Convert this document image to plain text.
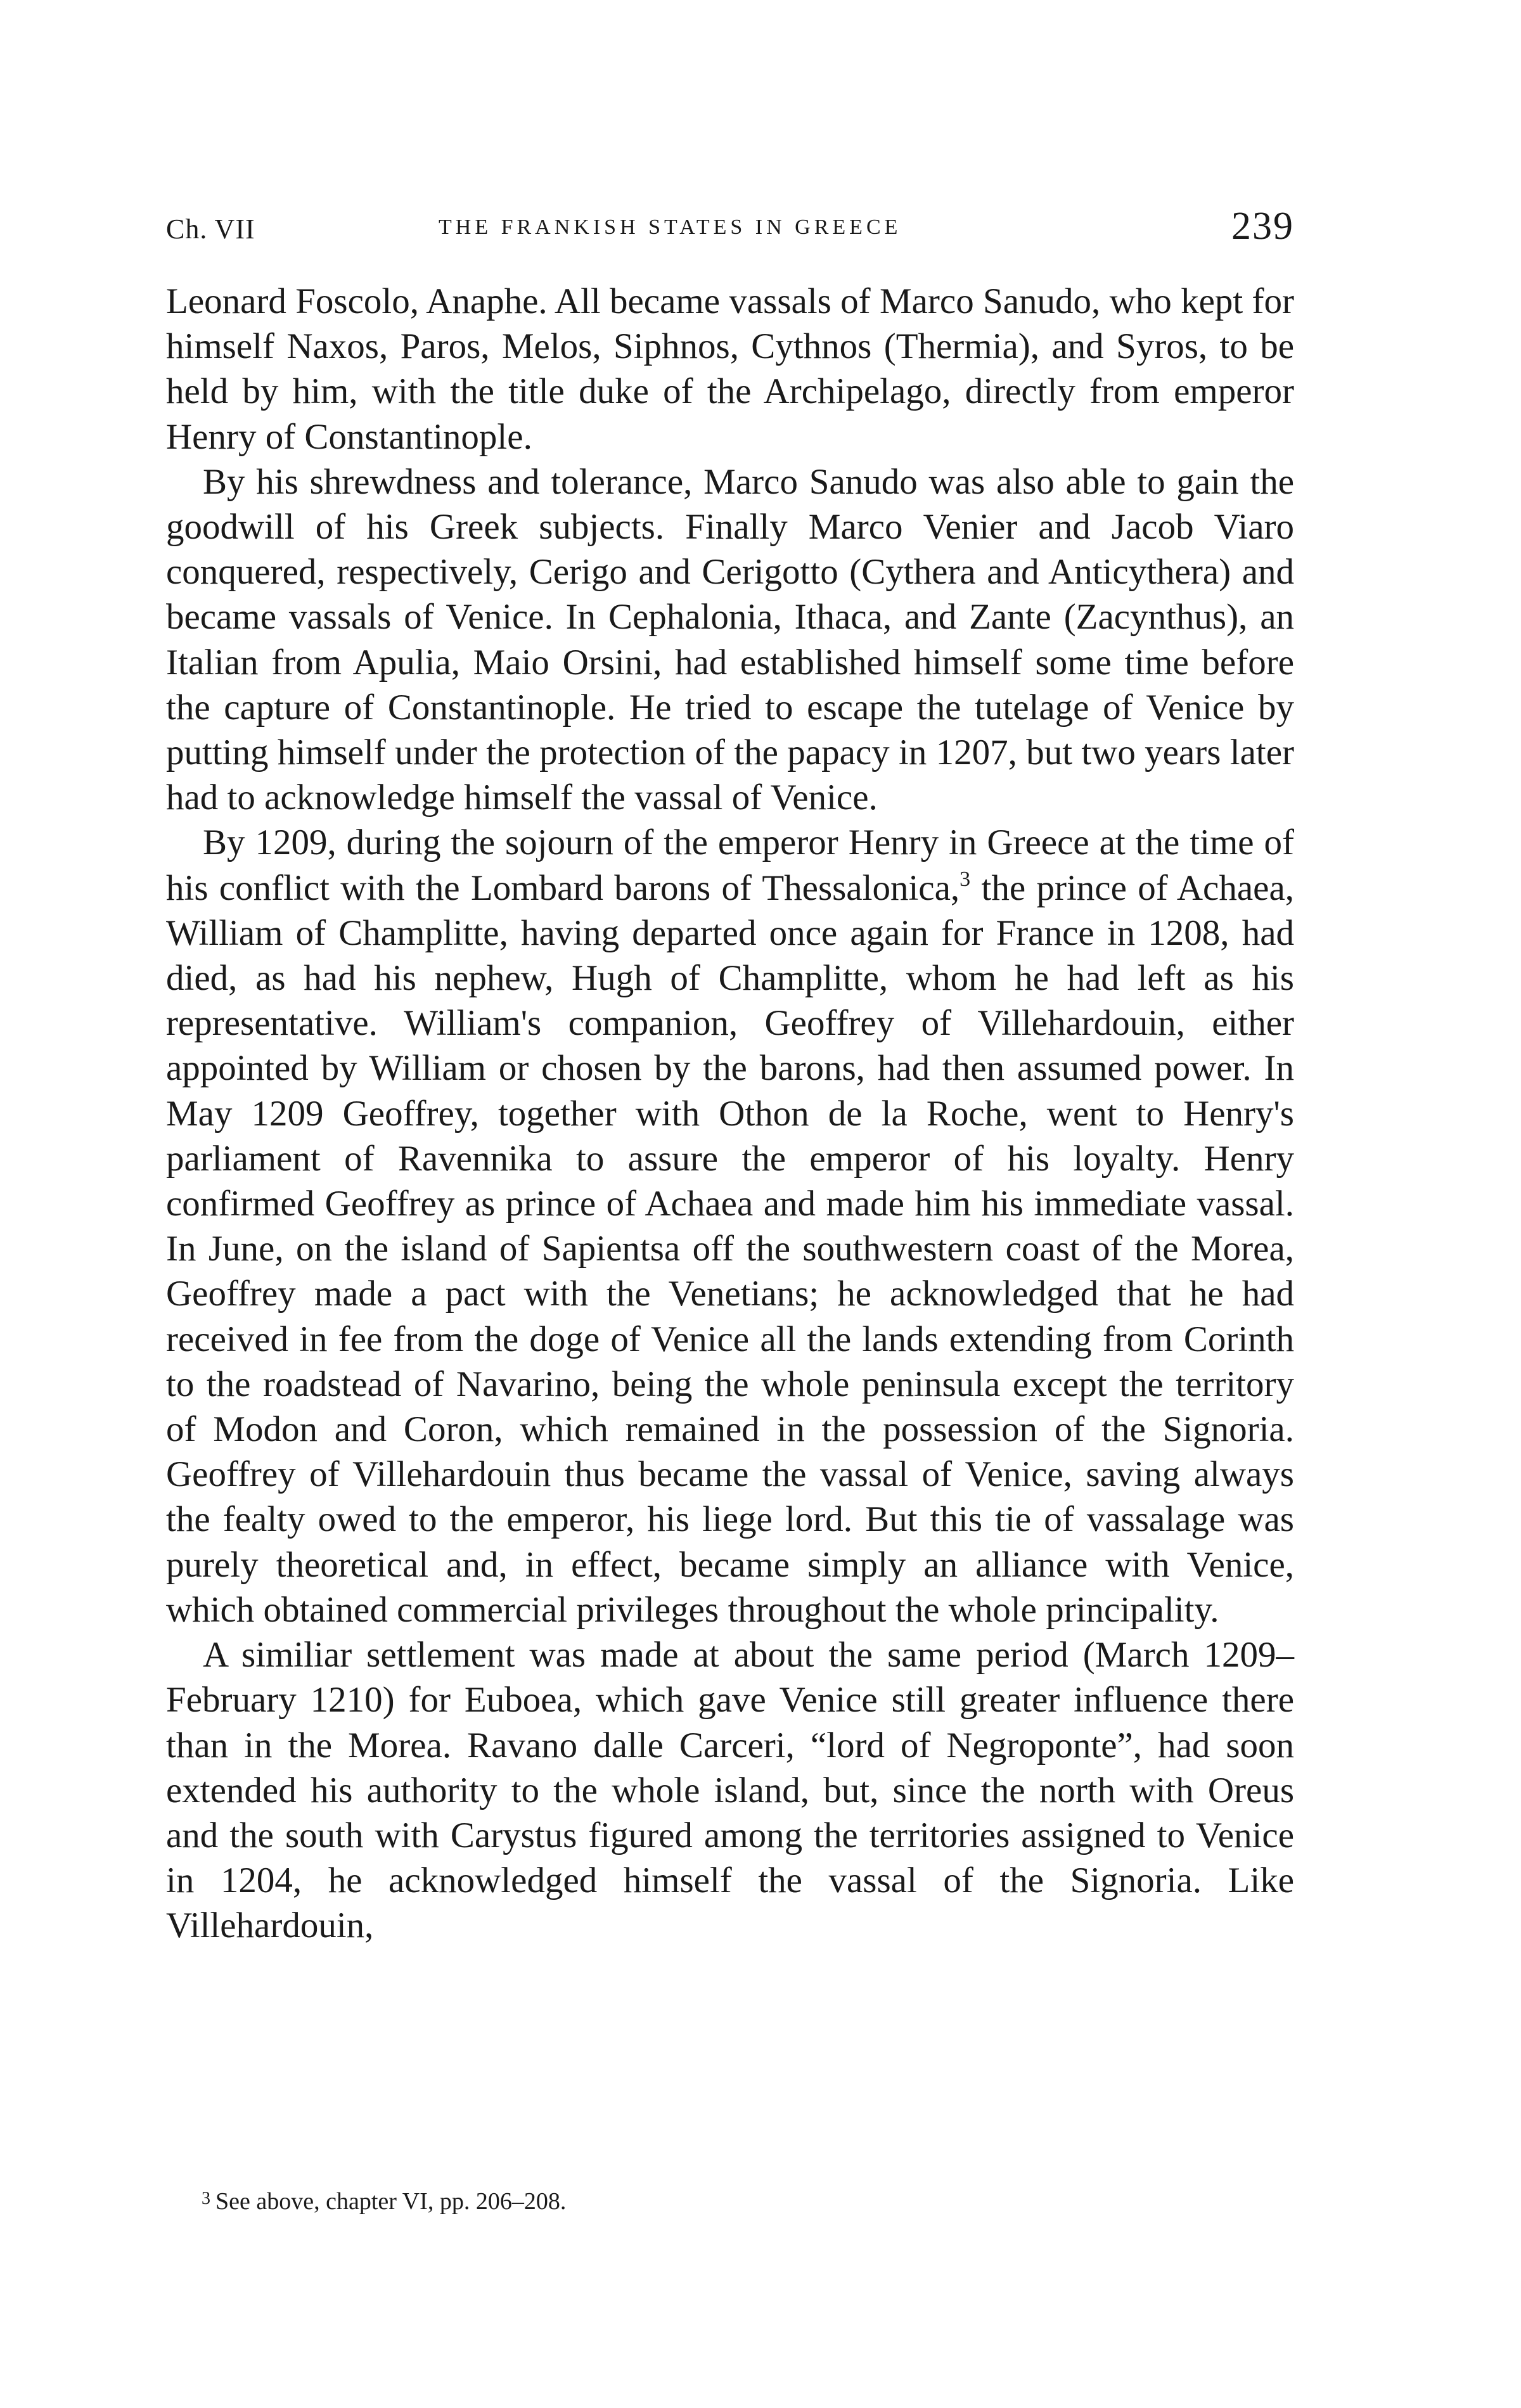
Ch. VII	THE FRANKISH STATES IN GREECE	239

Leonard Foscolo, Anaphe. All became vassals of Marco Sanudo, who kept for himself Naxos, Paros, Melos, Siphnos, Cythnos (Thermia), and Syros, to be held by him, with the title duke of the Archipelago, directly from emperor Henry of Constantinople.

By his shrewdness and tolerance, Marco Sanudo was also able to gain the goodwill of his Greek subjects. Finally Marco Venier and Jacob Viaro conquered, respectively, Cerigo and Cerigotto (Cythera and Anticythera) and became vassals of Venice. In Cephalonia, Ithaca, and Zante (Zacynthus), an Italian from Apulia, Maio Orsini, had established himself some time before the capture of Constantinople. He tried to escape the tutelage of Venice by putting himself under the protection of the papacy in 1207, but two years later had to acknowledge himself the vassal of Venice.

By 1209, during the sojourn of the emperor Henry in Greece at the time of his conflict with the Lombard barons of Thessalonica,$^3$ the prince of Achaea, William of Champlitte, having departed once again for France in 1208, had died, as had his nephew, Hugh of Champlitte, whom he had left as his representative. William's companion, Geoffrey of Villehardouin, either appointed by William or chosen by the barons, had then assumed power. In May 1209 Geoffrey, together with Othon de la Roche, went to Henry's parliament of Ravennika to assure the emperor of his loyalty. Henry confirmed Geoffrey as prince of Achaea and made him his immediate vassal. In June, on the island of Sapientsa off the southwestern coast of the Morea, Geoffrey made a pact with the Venetians; he acknowledged that he had received in fee from the doge of Venice all the lands extending from Corinth to the roadstead of Navarino, being the whole peninsula except the territory of Modon and Coron, which remained in the possession of the Signoria. Geoffrey of Villehardouin thus became the vassal of Venice, saving always the fealty owed to the emperor, his liege lord. But this tie of vassalage was purely theoretical and, in effect, became simply an alliance with Venice, which obtained commercial privileges throughout the whole principality.

A similiar settlement was made at about the same period (March 1209–February 1210) for Euboea, which gave Venice still greater influence there than in the Morea. Ravano dalle Carceri, “lord of Negroponte”, had soon extended his authority to the whole island, but, since the north with Oreus and the south with Carystus figured among the territories assigned to Venice in 1204, he acknowledged himself the vassal of the Signoria. Like Villehardouin,

$^3$ See above, chapter VI, pp. 206–208.
